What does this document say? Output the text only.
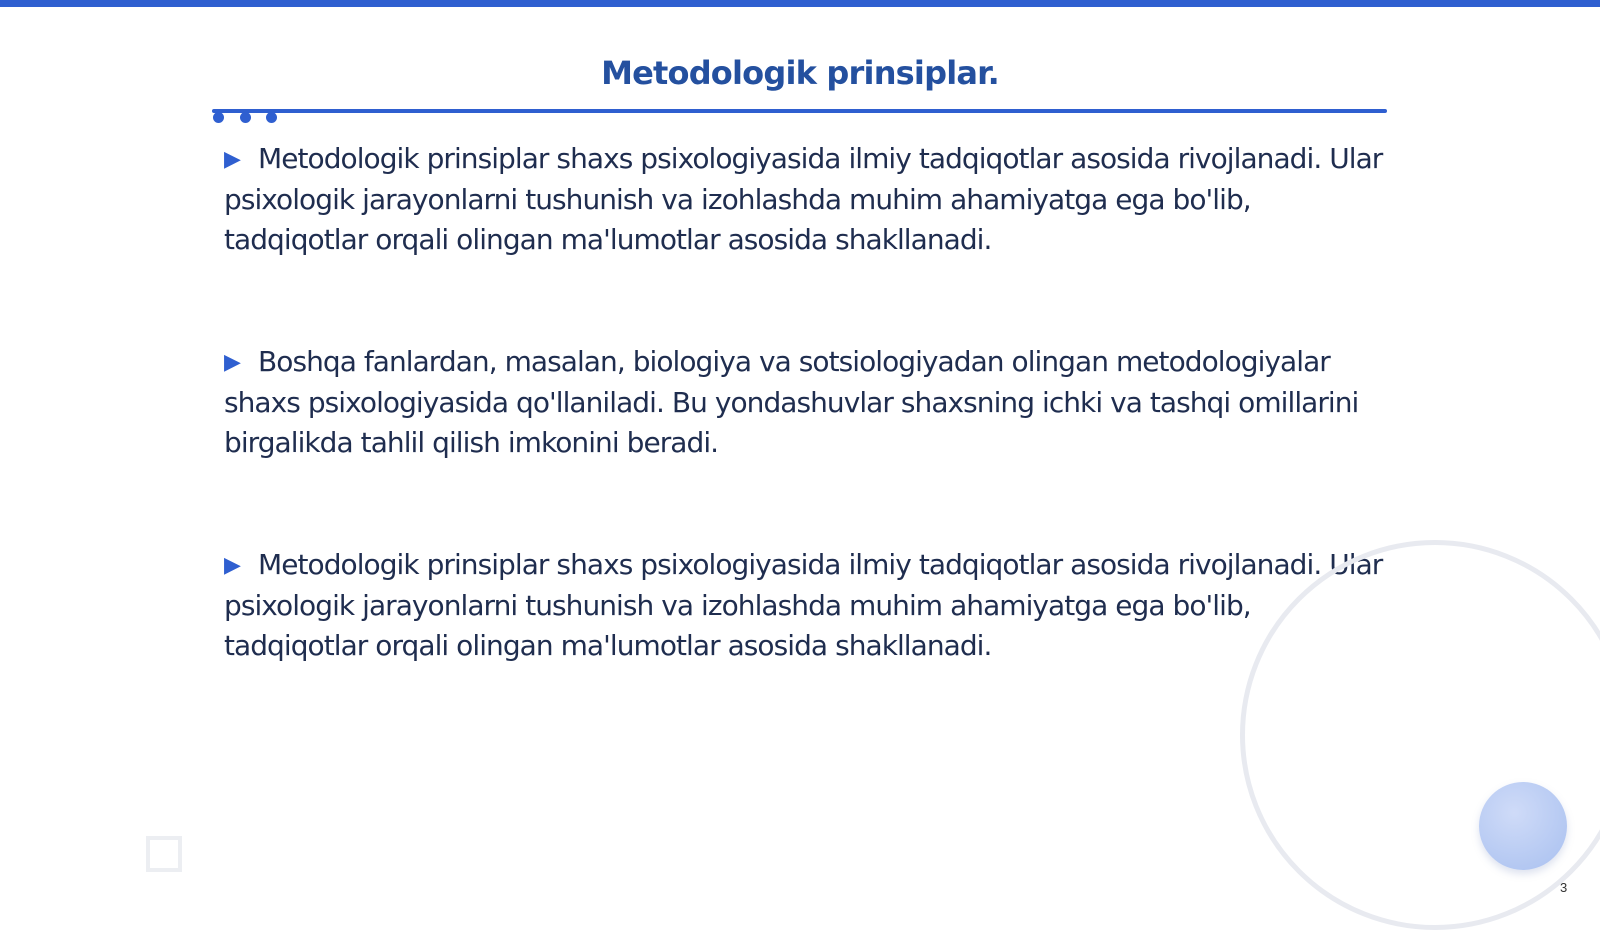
Metodologik prinsiplar.
▶ Metodologik prinsiplar shaxs psixologiyasida ilmiy tadqiqotlar asosida rivojlanadi. Ular psixologik jarayonlarni tushunish va izohlashda muhim ahamiyatga ega bo'lib, tadqiqotlar orqali olingan ma'lumotlar asosida shakllanadi.
▶ Boshqa fanlardan, masalan, biologiya va sotsiologiyadan olingan metodologiyalar shaxs psixologiyasida qo'llaniladi. Bu yondashuvlar shaxsning ichki va tashqi omillarini birgalikda tahlil qilish imkonini beradi.
▶ Metodologik prinsiplar shaxs psixologiyasida ilmiy tadqiqotlar asosida rivojlanadi. Ular psixologik jarayonlarni tushunish va izohlashda muhim ahamiyatga ega bo'lib, tadqiqotlar orqali olingan ma'lumotlar asosida shakllanadi.
3
